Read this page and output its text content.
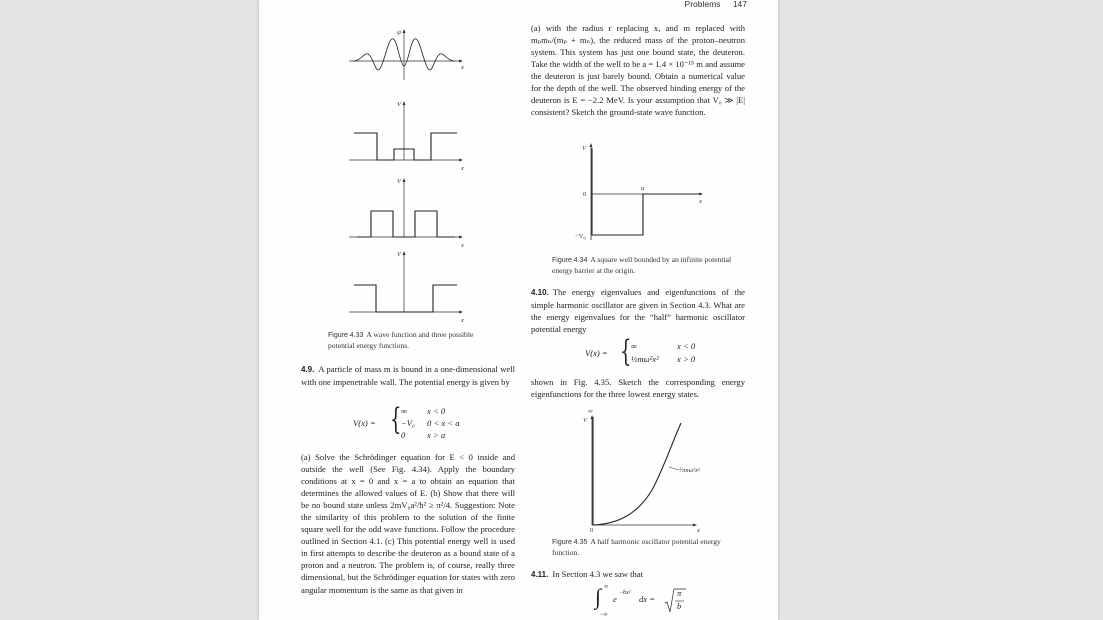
Problems 147
ψ
x
V
x
V
x
V
x
Figure 4.33 A wave function and three possible potential energy functions.
4.9. A particle of mass m is bound in a one-dimensional well with one impenetrable wall. The potential energy is given by
V(x) = { ∞ x < 0
−V₀ 0 < x < a
0	x > a
(a) Solve the Schrödinger equation for E < 0 inside and outside the well (See Fig. 4.34). Apply the boundary conditions at x = 0 and x = a to obtain an equation that determines the allowed values of E. (b) Show that there will be no bound state unless 2mV₀a²/ħ² ≥ π²/4. Suggestion: Note the similarity of this problem to the solution of the finite square well for the odd wave functions. Follow the procedure outlined in Section 4.1. (c) This potential energy well is used in first attempts to describe the deuteron as a bound state of a proton and a neutron. The problem is, of course, really three dimensional, but the Schrödinger equation for states with zero angular momentum is the same as that given in
(a) with the radius r replacing x, and m replaced with mₚmₙ/(mₚ + mₙ), the reduced mass of the proton–neutron system. This system has just one bound state, the deuteron. Take the width of the well to be a = 1.4 × 10⁻¹⁵ m and assume the deuteron is just barely bound. Obtain a numerical value for the depth of the well. The observed binding energy of the deuteron is E = −2.2 MeV. Is your assumption that V₀ ≫ |E| consistent? Sketch the ground-state wave function.
V
0
−V₀
a
x
Figure 4.34 A square well bounded by an infinite potential energy barrier at the origin.
4.10. The energy eigenvalues and eigenfunctions of the simple harmonic oscillator are given in Section 4.3. What are the energy eigenvalues for the “half” harmonic oscillator potential energy
V(x) = { ∞	x < 0
½mω²x² x > 0
shown in Fig. 4.35. Sketch the corresponding energy eigenfunctions for the three lowest energy states.
∞
V
½mω²x²
0	x
Figure 4.35 A half harmonic oscillator potential energy function.
4.11. In Section 4.3 we saw that
∫ ∞
−∞
e
−bx²
dx =
π
b
